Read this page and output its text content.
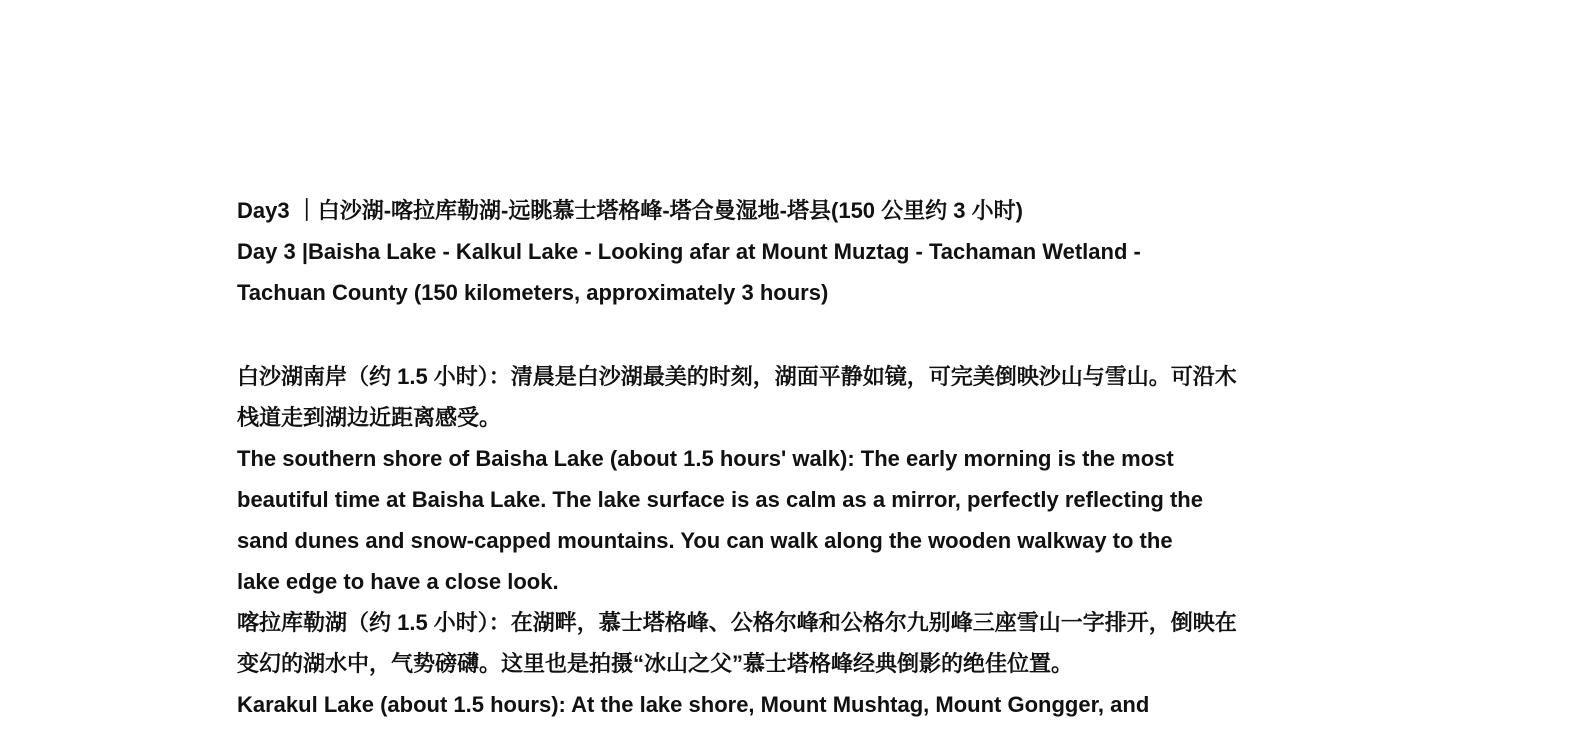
Day3 ｜白沙湖-喀拉库勒湖-远眺慕士塔格峰-塔合曼湿地-塔县(150 公里约 3 小时)
Day 3 |Baisha Lake - Kalkul Lake - Looking afar at Mount Muztag - Tachaman Wetland -
Tachuan County (150 kilometers, approximately 3 hours)
白沙湖南岸（约 1.5 小时）：清晨是白沙湖最美的时刻，湖面平静如镜，可完美倒映沙山与雪山。可沿木
栈道走到湖边近距离感受。
The southern shore of Baisha Lake (about 1.5 hours' walk): The early morning is the most
beautiful time at Baisha Lake. The lake surface is as calm as a mirror, perfectly reflecting the
sand dunes and snow-capped mountains. You can walk along the wooden walkway to the
lake edge to have a close look.
喀拉库勒湖（约 1.5 小时）：在湖畔，慕士塔格峰、公格尔峰和公格尔九别峰三座雪山一字排开，倒映在
变幻的湖水中，气势磅礴。这里也是拍摄“冰山之父”慕士塔格峰经典倒影的绝佳位置。
Karakul Lake (about 1.5 hours): At the lake shore, Mount Mushtag, Mount Gongger, and
